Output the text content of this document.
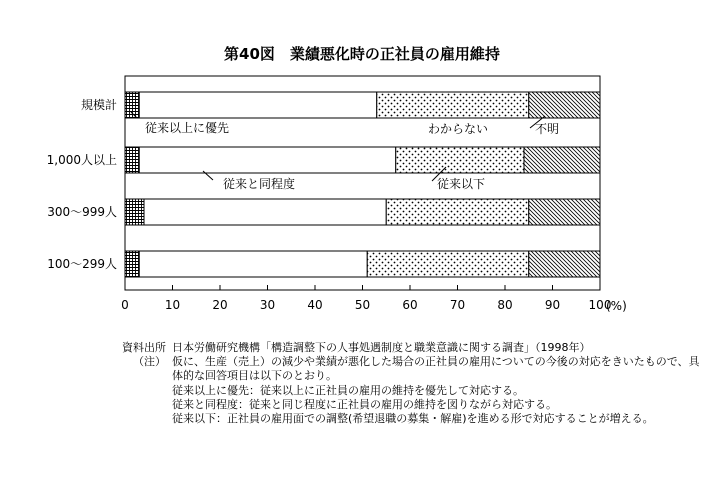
第40図　業績悪化時の正社員の雇用維持
規模計
1,000人以上
300～999人
100～299人
0	10	20	30	40	50	60	70	80	90 100
従来以上に優先	わからない	不明
従来と同程度	従来以下
(%)
資料出所 日本労働研究機構「構造調整下の人事処遇制度と職業意識に関する調査」（1998年）
（注） 仮に、生産（売上）の減少や業績が悪化した場合の正社員の雇用についての今後の対応をきいたもので、具体的な回答項目は以下のとおり。
従来以上に優先：従来以上に正社員の雇用の維持を優先して対応する。
従来と同程度：従来と同じ程度に正社員の雇用の維持を図りながら対応する。
従来以下：正社員の雇用面での調整(希望退職の募集・解雇)を進める形で対応することが増える。
